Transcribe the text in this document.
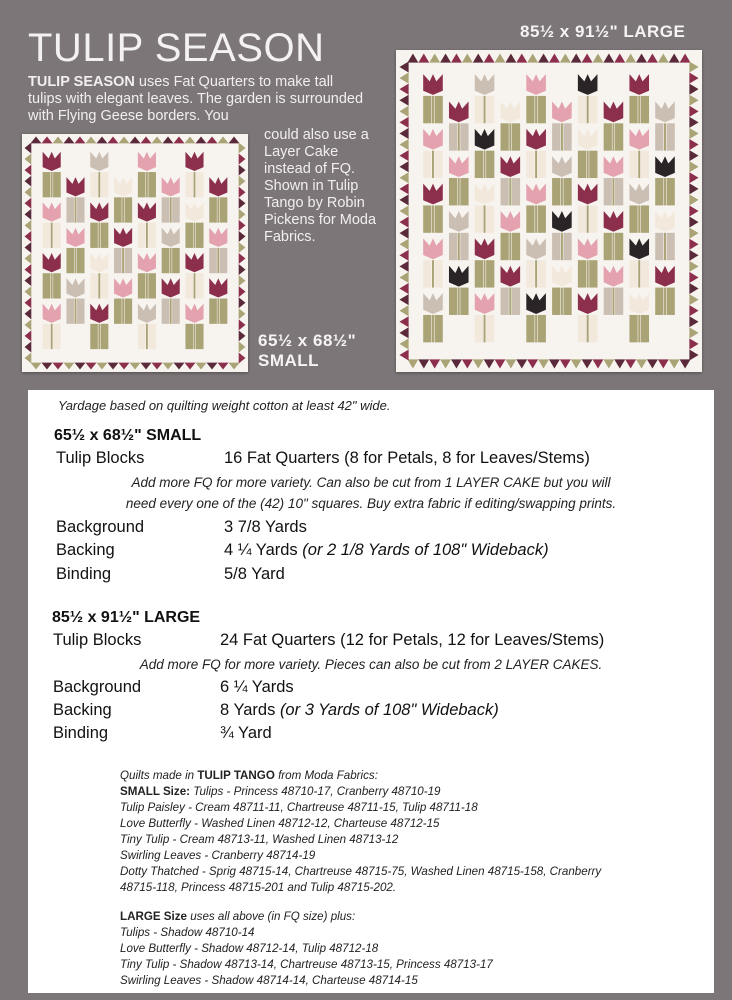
TULIP SEASON
TULIP SEASON uses Fat Quarters to make tall tulips with elegant leaves. The garden is surrounded with Flying Geese borders. You
could also use a Layer Cake instead of FQ. Shown in Tulip Tango by Robin Pickens for Moda Fabrics.
85½ x 91½" LARGE
65½ x 68½"
SMALL
Yardage based on quilting weight cotton at least 42" wide.
65½ x 68½" SMALL
Tulip Blocks	16 Fat Quarters (8 for Petals, 8 for Leaves/Stems)
Add more FQ for more variety. Can also be cut from 1 LAYER CAKE but you will
need every one of the (42) 10" squares. Buy extra fabric if editing/swapping prints.
Background	3 7/8 Yards
Backing	4 ¼ Yards (or 2 1/8 Yards of 108" Wideback)
Binding	5/8 Yard
85½ x 91½" LARGE
Tulip Blocks	24 Fat Quarters (12 for Petals, 12 for Leaves/Stems)
Add more FQ for more variety. Pieces can also be cut from 2 LAYER CAKES.
Background	6 ¼ Yards
Backing	8 Yards (or 3 Yards of 108" Wideback)
Binding	¾ Yard
Quilts made in TULIP TANGO from Moda Fabrics:
SMALL Size: Tulips - Princess 48710-17, Cranberry 48710-19
Tulip Paisley - Cream 48711-11, Chartreuse 48711-15, Tulip 48711-18
Love Butterfly - Washed Linen 48712-12, Charteuse 48712-15
Tiny Tulip - Cream 48713-11, Washed Linen 48713-12
Swirling Leaves - Cranberry 48714-19
Dotty Thatched - Sprig 48715-14, Chartreuse 48715-75, Washed Linen 48715-158, Cranberry
48715-118, Princess 48715-201 and Tulip 48715-202.
LARGE Size uses all above (in FQ size) plus:
Tulips - Shadow 48710-14
Love Butterfly - Shadow 48712-14, Tulip 48712-18
Tiny Tulip - Shadow 48713-14, Chartreuse 48713-15, Princess 48713-17
Swirling Leaves - Shadow 48714-14, Charteuse 48714-15
